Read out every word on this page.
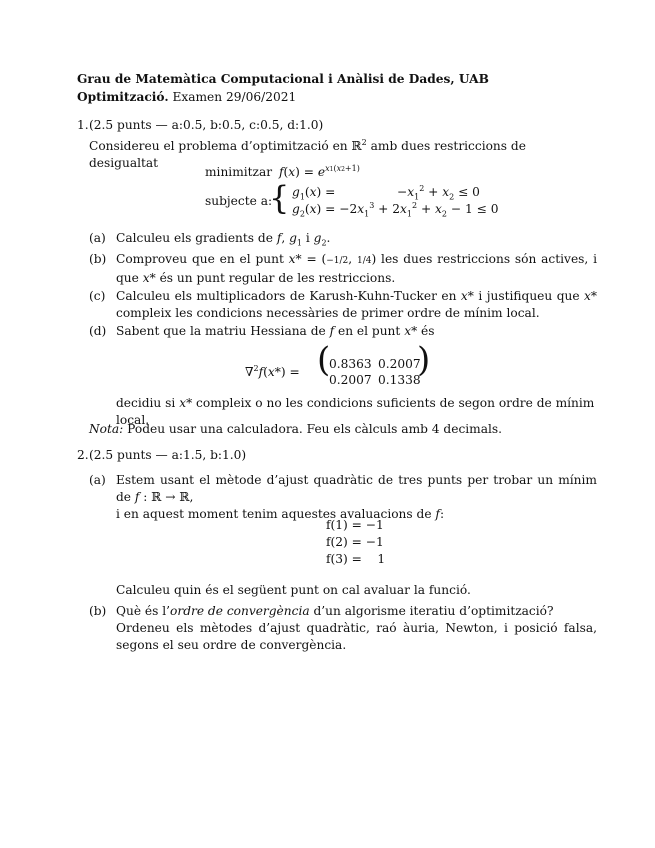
Grau de Matemàtica Computacional i Anàlisi de Dades, UAB
Optimització. Examen 29/06/2021
1. (2.5 punts — a:0.5, b:0.5, c:0.5, d:1.0)
Considereu el problema d’optimització en ℝ$^2$ amb dues restriccions de desigualtat
minimitzar $f(x) = e^{x1(x2+1)}$
subjecte a:
{ $g_1(x)$ =	$-x_1^2 + x_2 \le 0$
$g_2(x) = -2x_1^3 + 2x_1^2 + x_2 - 1 \le 0$
(a) Calculeu els gradients de f, $g_1$ i $g_2$.
(b) Comproveu que en el punt x* = (−1/2, 1/4) les dues restriccions són actives, i que x* és un punt regular de les restriccions.
(c) Calculeu els multiplicadors de Karush-Kuhn-Tucker en x* i justifiqueu que x* compleix les condicions necessàries de primer ordre de mínim local.
(d) Sabent que la matriu Hessiana de f en el punt x* és
∇$^2$f(x*) = (
0.8363 0.2007
0.2007 0.1338
)
decidiu si x* compleix o no les condicions suficients de segon ordre de mínim local.
Nota: Podeu usar una calculadora. Feu els càlculs amb 4 decimals.
2. (2.5 punts — a:1.5, b:1.0)
(a) Estem usant el mètode d’ajust quadràtic de tres punts per trobar un mínim de f : ℝ → ℝ,
i en aquest moment tenim aquestes avaluacions de f:
f(1) = −1
f(2) = −1
f(3) =    1
Calculeu quin és el següent punt on cal avaluar la funció.
(b) Què és l’ordre de convergència d’un algorisme iteratiu d’optimització?
Ordeneu els mètodes d’ajust quadràtic, raó àuria, Newton, i posició falsa, segons el seu ordre de convergència.
